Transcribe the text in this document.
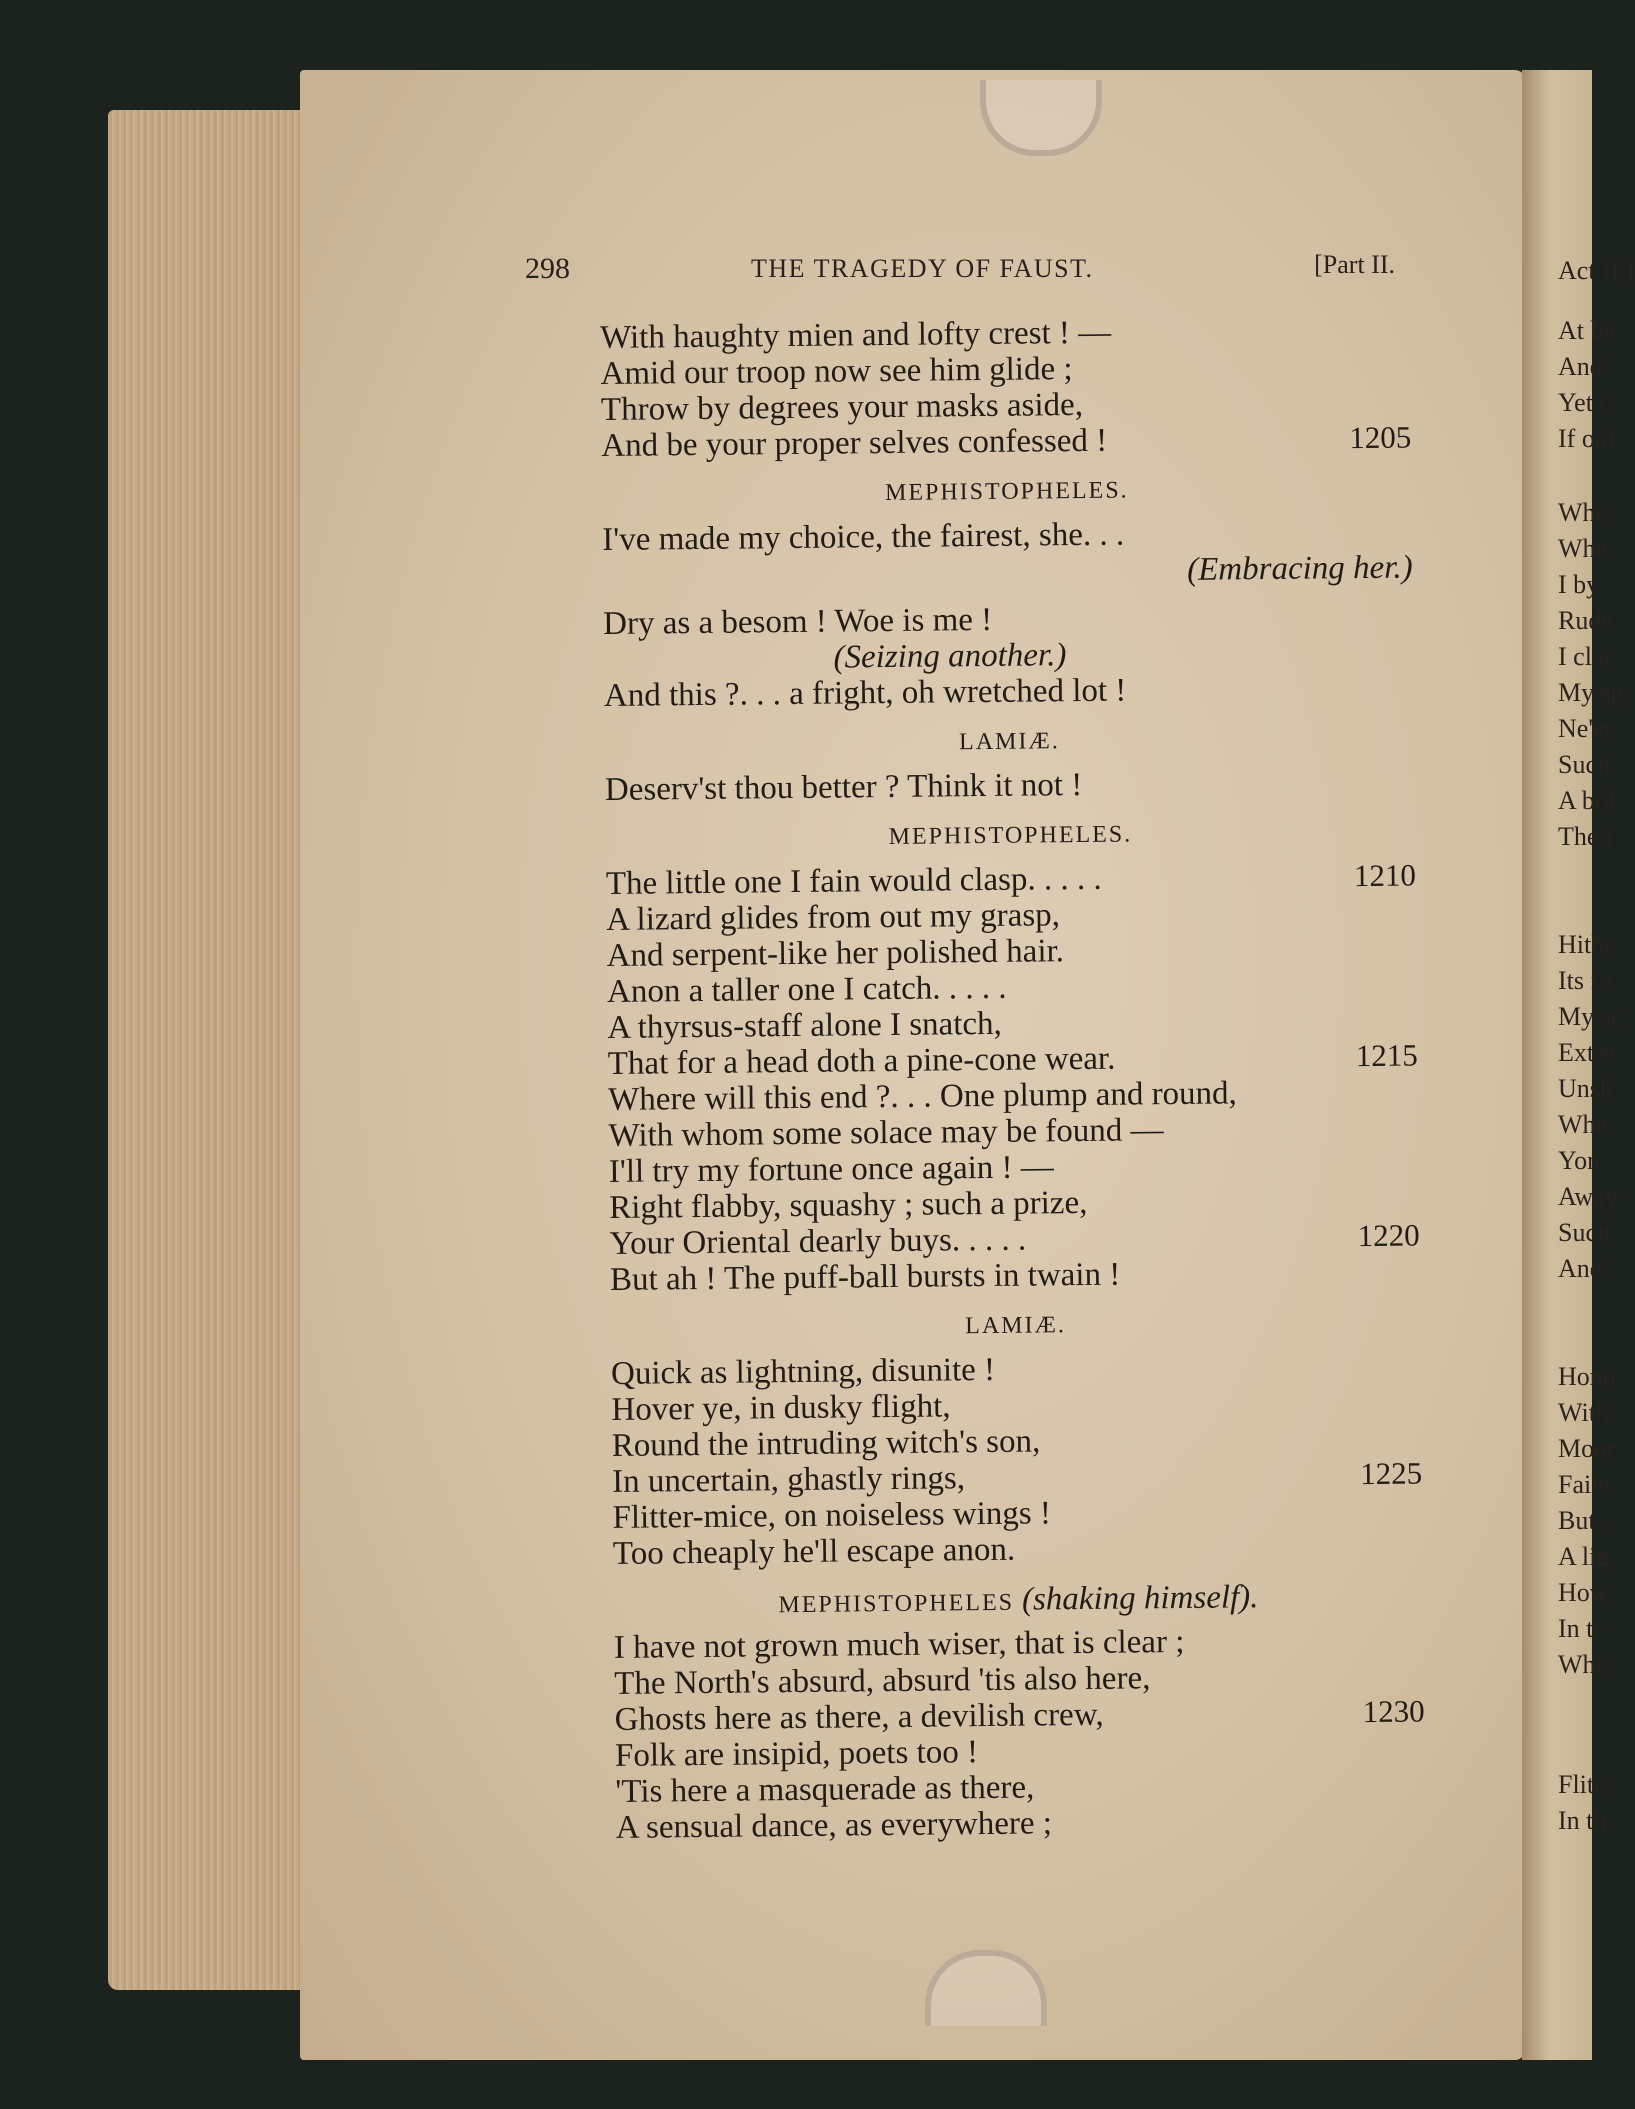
Act II.]
At be
And
Yet t
If onl
Whe
Whe
I by
Rude
I clar
My sp
Ne'er
Such
A bol
Their
Hithe
Its fo
My st
Extre
Unsh
Whe
Yon
Away
Such
And
Hono
With
Moor
Faile
But,
A lig
How
In tr
Whi
Flitt
In th
298	THE TRAGEDY OF FAUST.	[Part II.
With haughty mien and lofty crest ! —
Amid our troop now see him glide ;
Throw by degrees your masks aside,
And be your proper selves confessed !	1205
MEPHISTOPHELES.
I've made my choice, the fairest, she. . .
(Embracing her.)
Dry as a besom ! Woe is me !
(Seizing another.)
And this ?. . . a fright, oh wretched lot !
LAMIÆ.
Deserv'st thou better ? Think it not !
MEPHISTOPHELES.
The little one I fain would clasp. . . . .	1210
A lizard glides from out my grasp,
And serpent-like her polished hair.
Anon a taller one I catch. . . . .
A thyrsus-staff alone I snatch,
That for a head doth a pine-cone wear.	1215
Where will this end ?. . . One plump and round,
With whom some solace may be found —
I'll try my fortune once again ! —
Right flabby, squashy ; such a prize,
Your Oriental dearly buys. . . . .	1220
But ah ! The puff-ball bursts in twain !
LAMIÆ.
Quick as lightning, disunite !
Hover ye, in dusky flight,
Round the intruding witch's son,
In uncertain, ghastly rings,	1225
Flitter-mice, on noiseless wings !
Too cheaply he'll escape anon.
MEPHISTOPHELES (shaking himself).
I have not grown much wiser, that is clear ;
The North's absurd, absurd 'tis also here,
Ghosts here as there, a devilish crew,	1230
Folk are insipid, poets too !
'Tis here a masquerade as there,
A sensual dance, as everywhere ;
